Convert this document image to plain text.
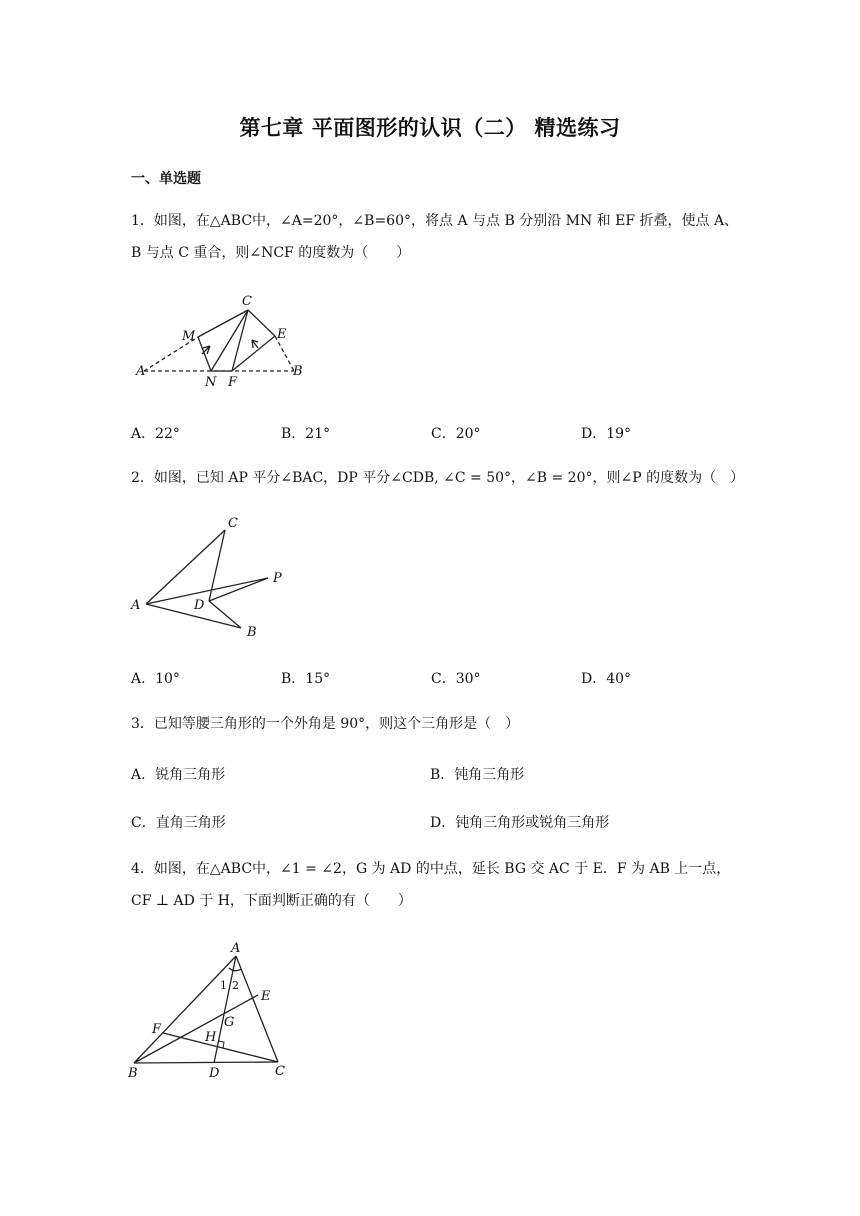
第七章 平面图形的认识（二） 精选练习
一、单选题
1．如图，在△ABC中，∠A=20°，∠B=60°，将点 A 与点 B 分别沿 MN 和 EF 折叠，使点 A、B 与点 C 重合，则∠NCF 的度数为（　　）
C
M	E
A	B
N F
A．22°	B．21°	C．20°	D．19°
2．如图，已知 AP 平分∠BAC，DP 平分∠CDB, ∠C = 50°，∠B = 20°，则∠P 的度数为（　）
C
P
A	D
B
A．10°	B．15°	C．30°	D．40°
3．已知等腰三角形的一个外角是 90°，则这个三角形是（　）
A．锐角三角形	B．钝角三角形
C．直角三角形	D．钝角三角形或锐角三角形
4．如图，在△ABC中，∠1 = ∠2，G 为 AD 的中点，延长 BG 交 AC 于 E．F 为 AB 上一点，CF ⊥ AD 于 H，下面判断正确的有（　　）
A
E
F	G
H
B	D	C
1 2
